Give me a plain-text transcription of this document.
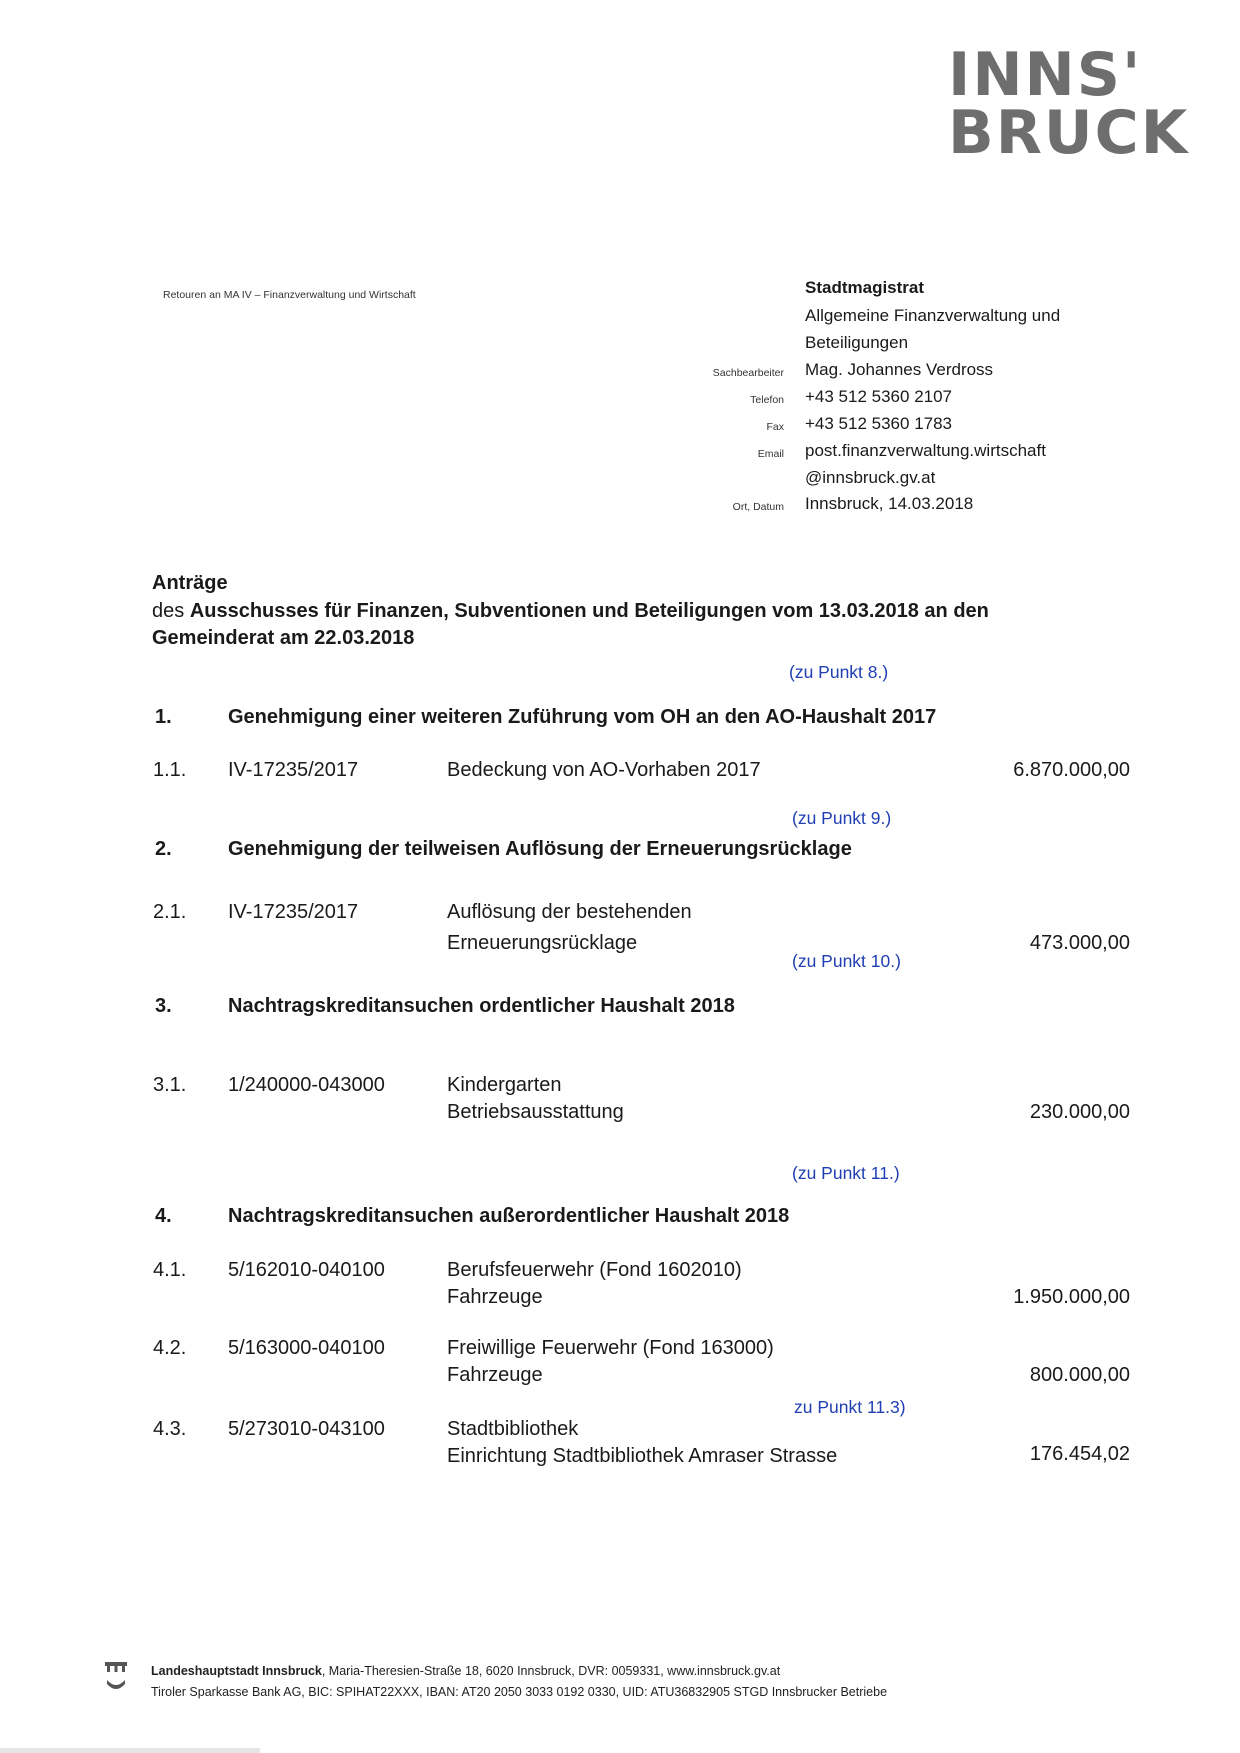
INNS'
BRUCK
Retouren an MA IV – Finanzverwaltung und Wirtschaft	Stadtmagistrat
Allgemeine Finanzverwaltung und
Beteiligungen
Sachbearbeiter Mag. Johannes Verdross
Telefon +43 512 5360 2107
Fax +43 512 5360 1783
Email post.finanzverwaltung.wirtschaft
@innsbruck.gv.at
Ort, Datum Innsbruck, 14.03.2018
Anträge
des Ausschusses für Finanzen, Subventionen und Beteiligungen vom 13.03.2018 an den
Gemeinderat am 22.03.2018
(zu Punkt 8.)
1.	Genehmigung einer weiteren Zuführung vom OH an den AO-Haushalt 2017
1.1. IV-17235/2017	Bedeckung von AO-Vorhaben 2017	6.870.000,00
(zu Punkt 9.)
2.	Genehmigung der teilweisen Auflösung der Erneuerungsrücklage
2.1. IV-17235/2017	Auflösung der bestehenden
Erneuerungsrücklage	473.000,00
(zu Punkt 10.)
3.	Nachtragskreditansuchen ordentlicher Haushalt 2018
3.1. 1/240000-043000	Kindergarten
Betriebsausstattung	230.000,00
(zu Punkt 11.)
4.	Nachtragskreditansuchen außerordentlicher Haushalt 2018
4.1. 5/162010-040100	Berufsfeuerwehr (Fond 1602010)
Fahrzeuge	1.950.000,00
4.2. 5/163000-040100	Freiwillige Feuerwehr (Fond 163000)
Fahrzeuge	800.000,00
zu Punkt 11.3)
4.3. 5/273010-043100	Stadtbibliothek
Einrichtung Stadtbibliothek Amraser Strasse	176.454,02
Landeshauptstadt Innsbruck, Maria-Theresien-Straße 18, 6020 Innsbruck, DVR: 0059331, www.innsbruck.gv.at
Tiroler Sparkasse Bank AG, BIC: SPIHAT22XXX, IBAN: AT20 2050 3033 0192 0330, UID: ATU36832905 STGD Innsbrucker Betriebe
